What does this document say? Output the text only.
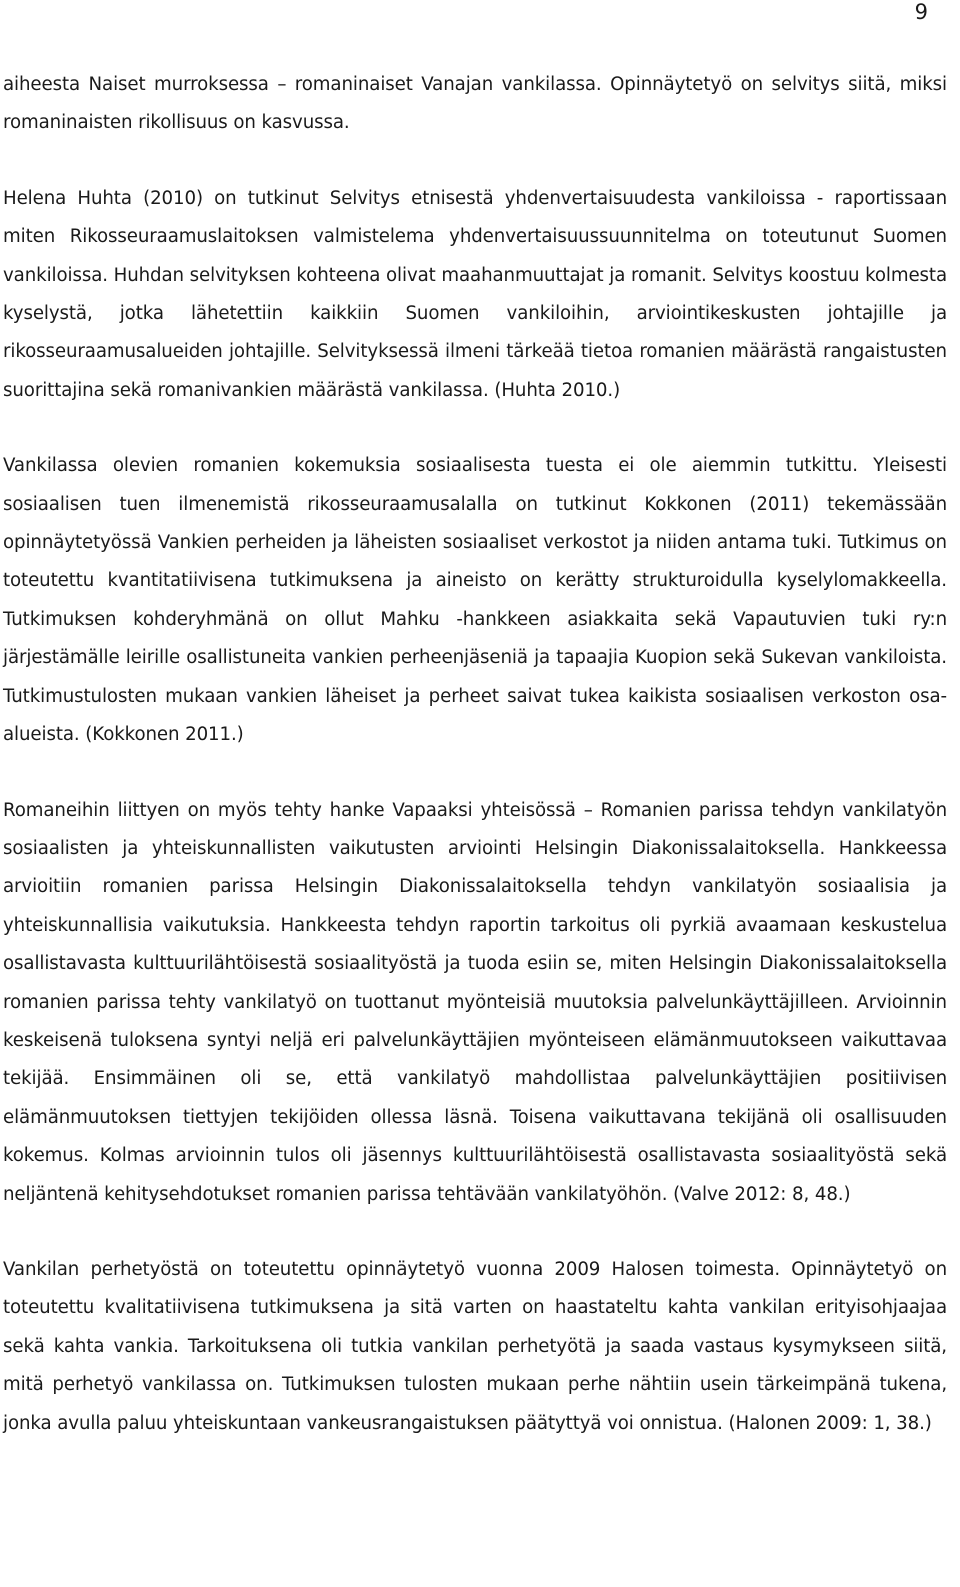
9

aiheesta Naiset murroksessa – romaninaiset Vanajan vankilassa. Opinnäytetyö on selvitys siitä, miksi romaninaisten rikollisuus on kasvussa.

Helena Huhta (2010) on tutkinut Selvitys etnisestä yhdenvertaisuudesta vankiloissa - raportissaan miten Rikosseuraamuslaitoksen valmistelema yhdenvertaisuussuunnitelma on toteutunut Suomen vankiloissa. Huhdan selvityksen kohteena olivat maahanmuuttajat ja romanit. Selvitys koostuu kolmesta kyselystä, jotka lähetettiin kaikkiin Suomen vankiloihin, arviointikeskusten johtajille ja rikosseuraamusalueiden johtajille. Selvityksessä ilmeni tärkeää tietoa romanien määrästä rangaistusten suorittajina sekä romanivankien määrästä vankilassa. (Huhta 2010.)

Vankilassa olevien romanien kokemuksia sosiaalisesta tuesta ei ole aiemmin tutkittu. Yleisesti sosiaalisen tuen ilmenemistä rikosseuraamusalalla on tutkinut Kokkonen (2011) tekemässään opinnäytetyössä Vankien perheiden ja läheisten sosiaaliset verkostot ja niiden antama tuki. Tutkimus on toteutettu kvantitatiivisena tutkimuksena ja aineisto on kerätty strukturoidulla kyselylomakkeella. Tutkimuksen kohderyhmänä on ollut Mahku -hankkeen asiakkaita sekä Vapautuvien tuki ry:n järjestämälle leirille osallistuneita vankien perheenjäseniä ja tapaajia Kuopion sekä Sukevan vankiloista. Tutkimustulosten mukaan vankien läheiset ja perheet saivat tukea kaikista sosiaalisen verkoston osa-alueista. (Kokkonen 2011.)

Romaneihin liittyen on myös tehty hanke Vapaaksi yhteisössä – Romanien parissa tehdyn vankilatyön sosiaalisten ja yhteiskunnallisten vaikutusten arviointi Helsingin Diakonissalaitoksella. Hankkeessa arvioitiin romanien parissa Helsingin Diakonissalaitoksella tehdyn vankilatyön sosiaalisia ja yhteiskunnallisia vaikutuksia. Hankkeesta tehdyn raportin tarkoitus oli pyrkiä avaamaan keskustelua osallistavasta kulttuurilähtöisestä sosiaalityöstä ja tuoda esiin se, miten Helsingin Diakonissalaitoksella romanien parissa tehty vankilatyö on tuottanut myönteisiä muutoksia palvelunkäyttäjilleen. Arvioinnin keskeisenä tuloksena syntyi neljä eri palvelunkäyttäjien myönteiseen elämänmuutokseen vaikuttavaa tekijää. Ensimmäinen oli se, että vankilatyö mahdollistaa palvelunkäyttäjien positiivisen elämänmuutoksen tiettyjen tekijöiden ollessa läsnä. Toisena vaikuttavana tekijänä oli osallisuuden kokemus. Kolmas arvioinnin tulos oli jäsennys kulttuurilähtöisestä osallistavasta sosiaalityöstä sekä neljäntenä kehitysehdotukset romanien parissa tehtävään vankilatyöhön. (Valve 2012: 8, 48.)

Vankilan perhetyöstä on toteutettu opinnäytetyö vuonna 2009 Halosen toimesta. Opinnäytetyö on toteutettu kvalitatiivisena tutkimuksena ja sitä varten on haastateltu kahta vankilan erityisohjaajaa sekä kahta vankia. Tarkoituksena oli tutkia vankilan perhetyötä ja saada vastaus kysymykseen siitä, mitä perhetyö vankilassa on. Tutkimuksen tulosten mukaan perhe nähtiin usein tärkeimpänä tukena, jonka avulla paluu yhteiskuntaan vankeusrangaistuksen päätyttyä voi onnistua. (Halonen 2009: 1, 38.)
